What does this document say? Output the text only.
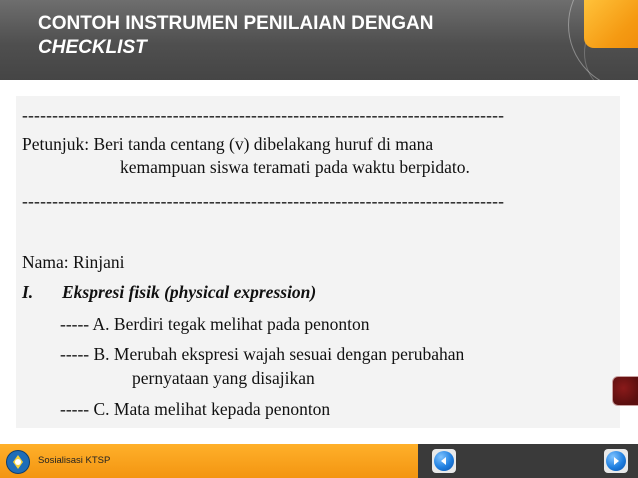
CONTOH INSTRUMEN PENILAIAN DENGAN
CHECKLIST
--------------------------------------------------------------------------------
Petunjuk: Beri tanda centang (v) dibelakang huruf di mana
kemampuan siswa teramati pada waktu berpidato.
--------------------------------------------------------------------------------
Nama: Rinjani
I. Ekspresi fisik (physical expression)
----- A. Berdiri tegak melihat pada penonton
----- B. Merubah ekspresi wajah sesuai dengan perubahan
pernyataan yang disajikan
----- C. Mata melihat kepada penonton
Sosialisasi KTSP
